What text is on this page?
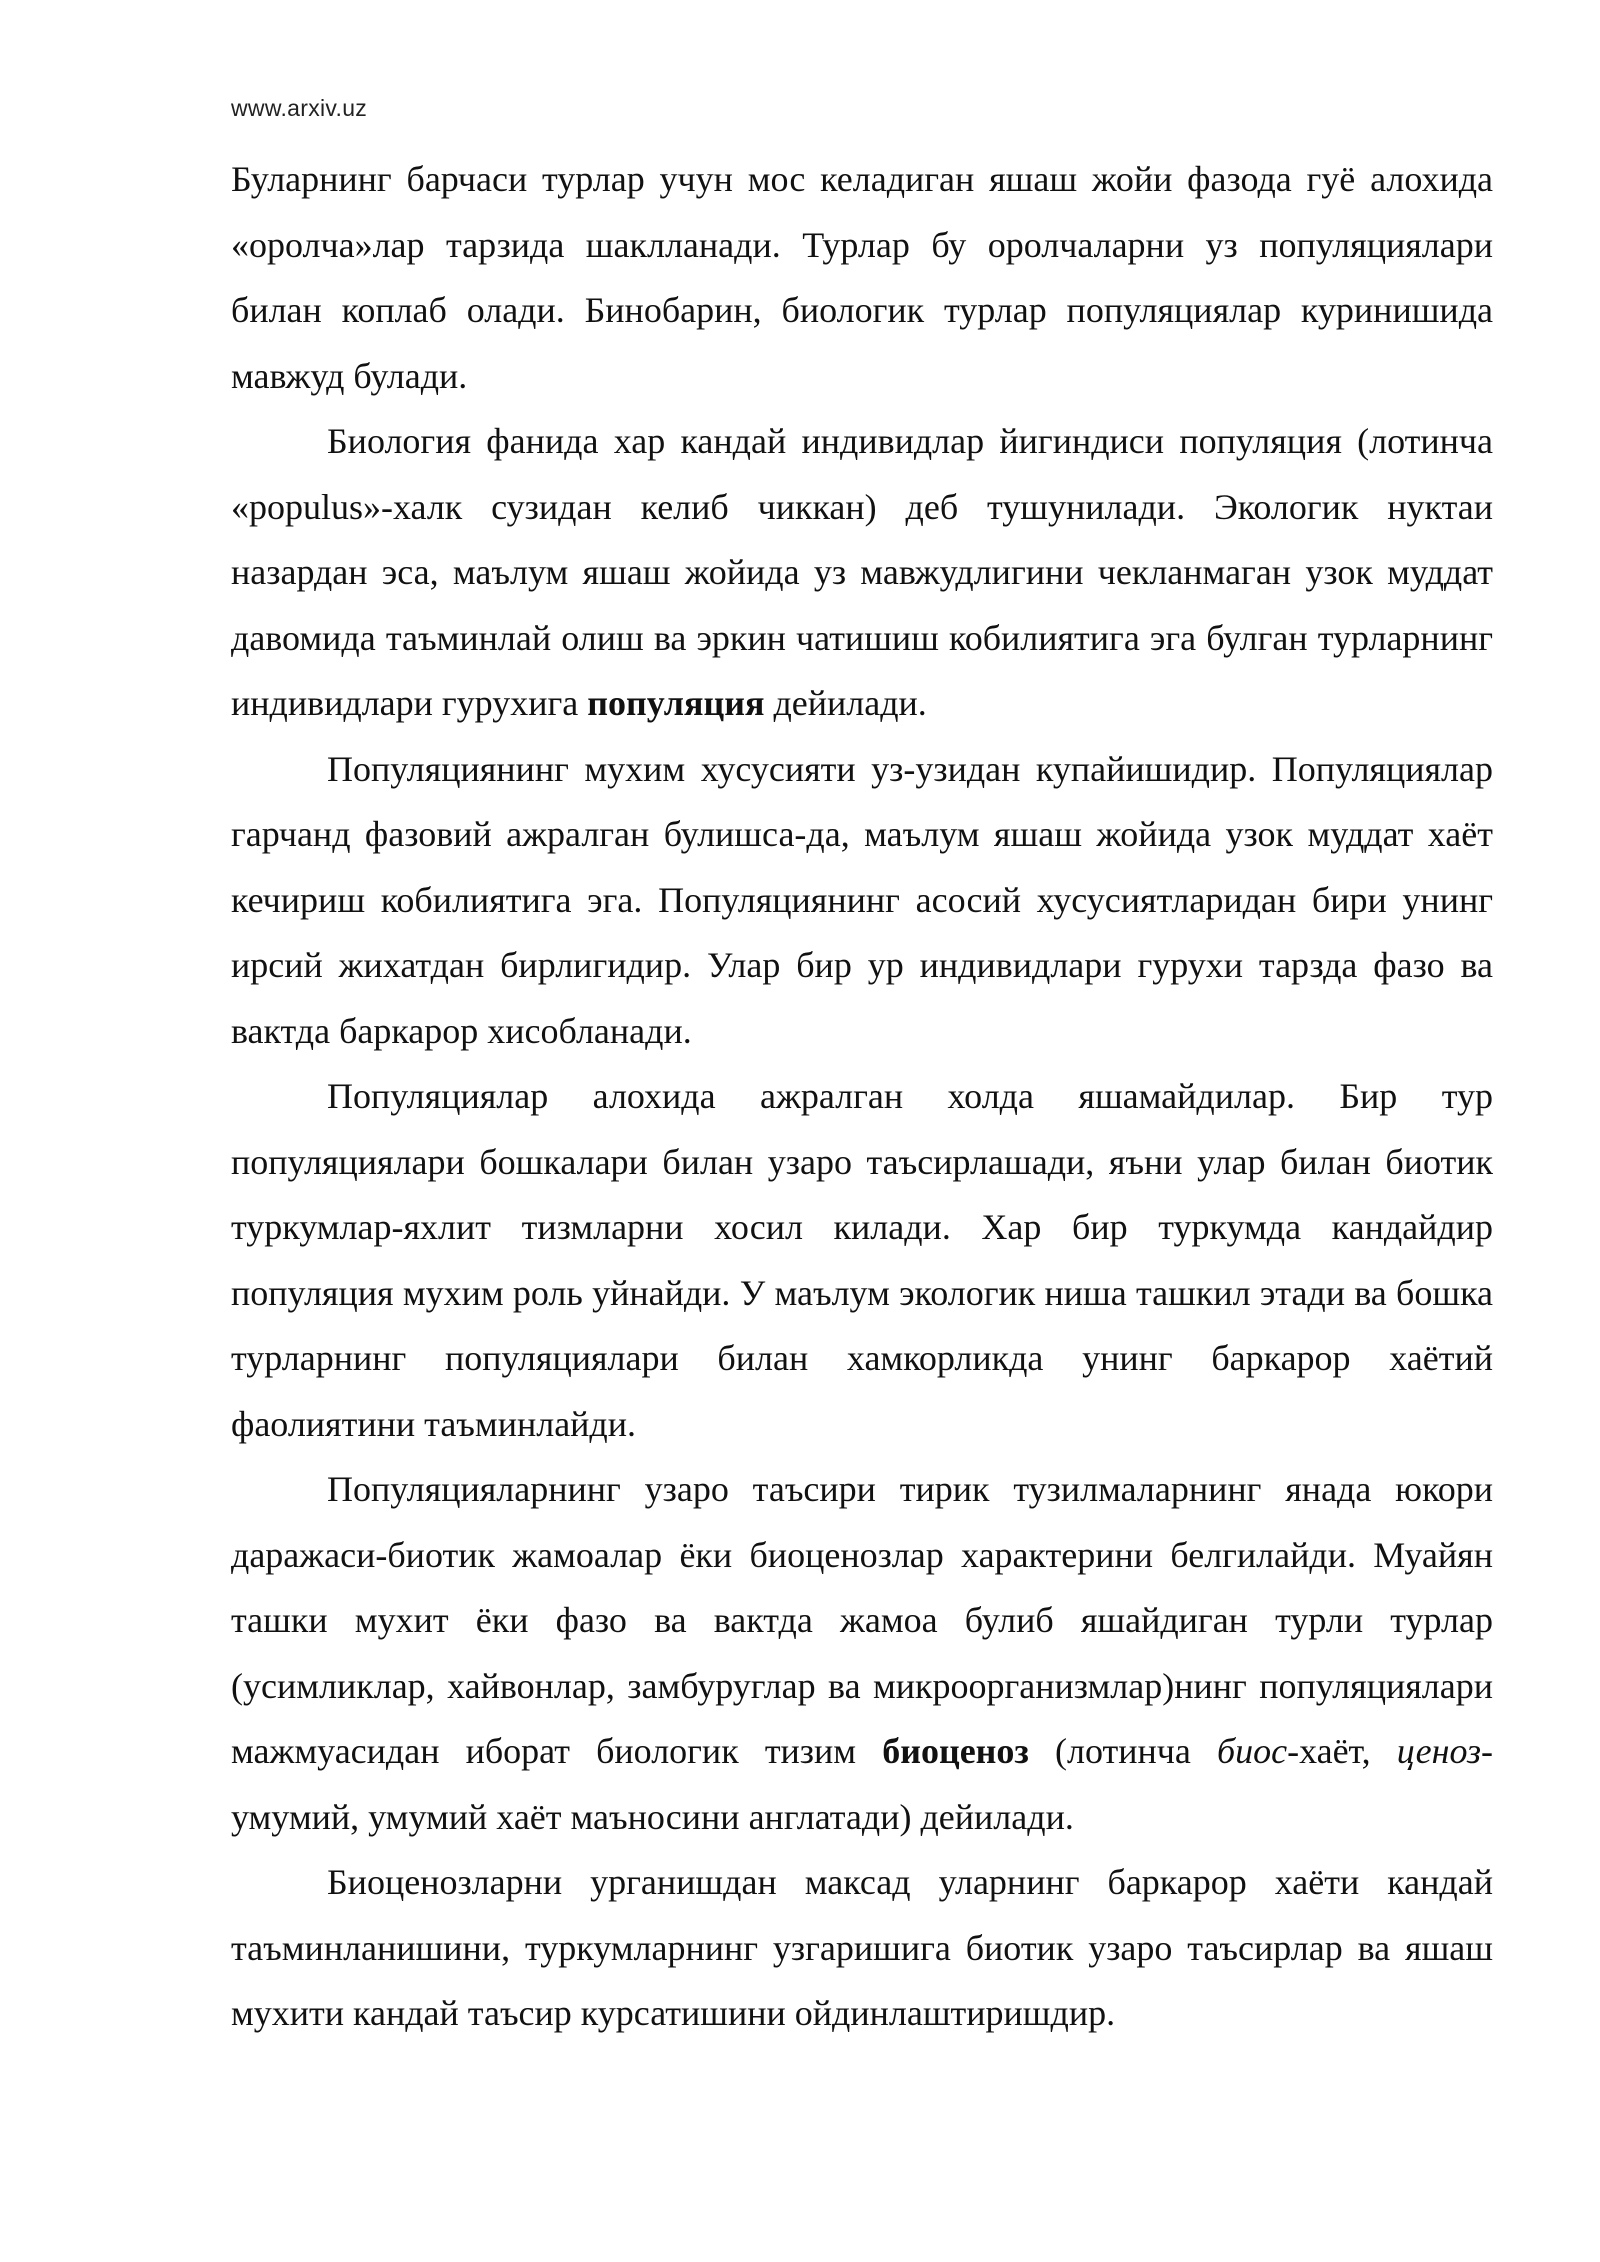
www.arxiv.uz

Буларнинг барчаси турлар учун мос келадиган яшаш жойи фазода гуё алохида «оролча»лар тарзида шаклланади. Турлар бу оролчаларни уз популяциялари билан коплаб олади. Бинобарин, биологик турлар популяциялар куринишида мавжуд булади.

Биология фанида хар кандай индивидлар йигиндиси популяция (лотинча «populus»-халк сузидан келиб чиккан) деб тушунилади. Экологик нуктаи назардан эса, маълум яшаш жойида уз мавжудлигини чекланмаган узок муддат давомида таъминлай олиш ва эркин чатишиш кобилиятига эга булган турларнинг индивидлари гурухига популяция дейилади.

Популяциянинг мухим хусусияти уз-узидан купайишидир. Популяциялар гарчанд фазовий ажралган булишса-да, маълум яшаш жойида узок муддат хаёт кечириш кобилиятига эга. Популяциянинг асосий хусусиятларидан бири унинг ирсий жихатдан бирлигидир. Улар бир ур индивидлари гурухи тарзда фазо ва вактда баркарор хисобланади.

Популяциялар алохида ажралган холда яшамайдилар. Бир тур популяциялари бошкалари билан узаро таъсирлашади, яъни улар билан биотик туркумлар-яхлит тизмларни хосил килади. Хар бир туркумда кандайдир популяция мухим роль уйнайди. У маълум экологик ниша ташкил этади ва бошка турларнинг популяциялари билан хамкорликда унинг баркарор хаётий фаолиятини таъминлайди.

Популяцияларнинг узаро таъсири тирик тузилмаларнинг янада юкори даражаси-биотик жамоалар ёки биоценозлар характерини белгилайди. Муайян ташки мухит ёки фазо ва вактда жамоа булиб яшайдиган турли турлар (усимликлар, хайвонлар, замбуруглар ва микроорганизмлар)нинг популяциялари мажмуасидан иборат биологик тизим биоценоз (лотинча биос-хаёт, ценоз-умумий, умумий хаёт маъносини англатади) дейилади.

Биоценозларни урганишдан максад уларнинг баркарор хаёти кандай таъминланишини, туркумларнинг узгаришига биотик узаро таъсирлар ва яшаш мухити кандай таъсир курсатишини ойдинлаштиришдир.
